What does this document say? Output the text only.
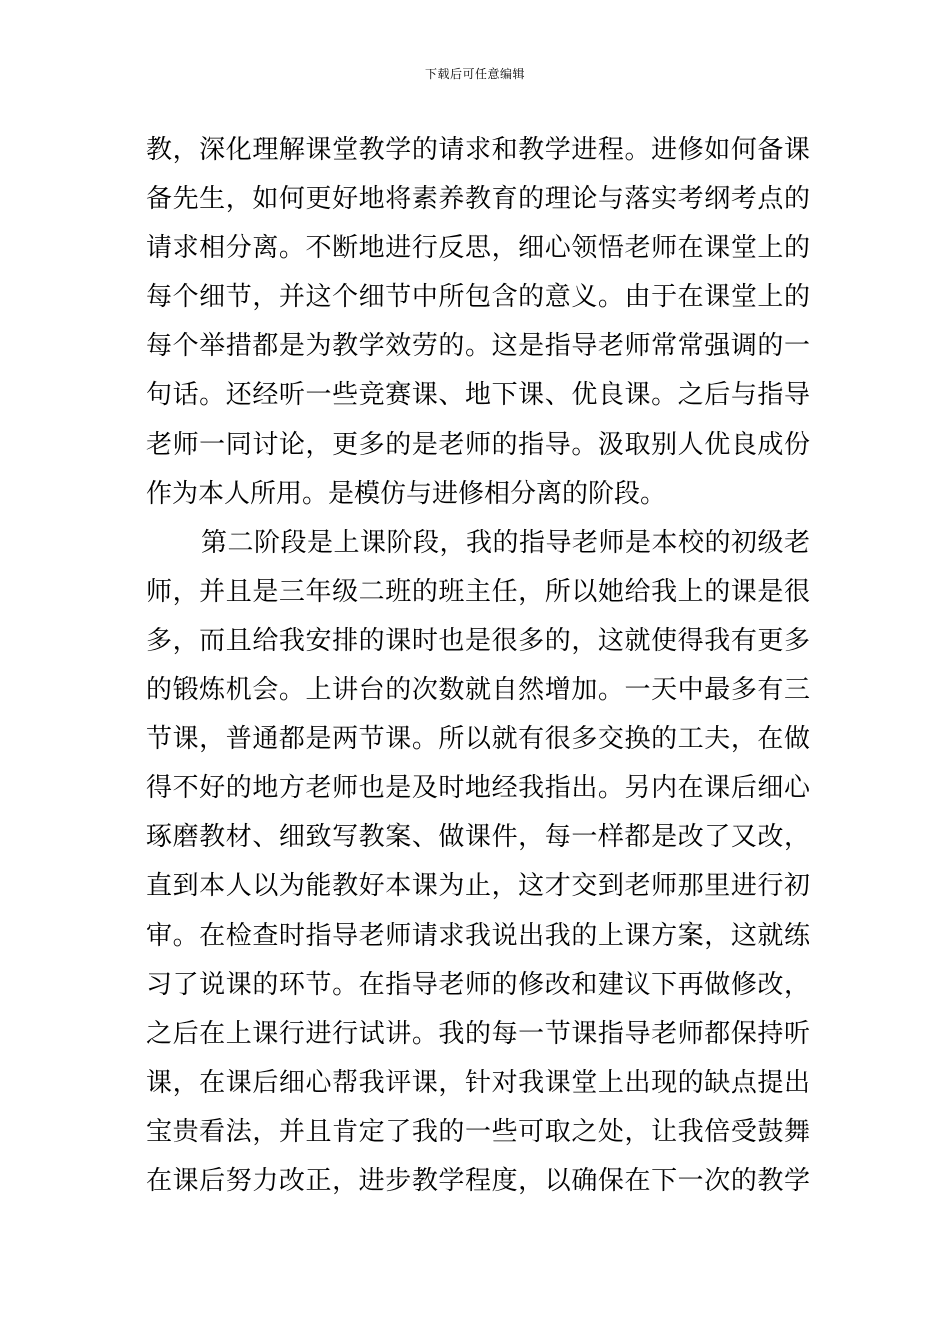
下载后可任意编辑
教，深化理解课堂教学的请求和教学进程。进修如何备课
备先生，如何更好地将素养教育的理论与落实考纲考点的
请求相分离。不断地进行反思，细心领悟老师在课堂上的
每个细节，并这个细节中所包含的意义。由于在课堂上的
每个举措都是为教学效劳的。这是指导老师常常强调的一
句话。还经听一些竞赛课、地下课、优良课。之后与指导
老师一同讨论，更多的是老师的指导。汲取别人优良成份
作为本人所用。是模仿与进修相分离的阶段。
第二阶段是上课阶段，我的指导老师是本校的初级老
师，并且是三年级二班的班主任，所以她给我上的课是很
多，而且给我安排的课时也是很多的，这就使得我有更多
的锻炼机会。上讲台的次数就自然增加。一天中最多有三
节课，普通都是两节课。所以就有很多交换的工夫，在做
得不好的地方老师也是及时地经我指出。另内在课后细心
琢磨教材、细致写教案、做课件，每一样都是改了又改，
直到本人以为能教好本课为止，这才交到老师那里进行初
审。在检查时指导老师请求我说出我的上课方案，这就练
习了说课的环节。在指导老师的修改和建议下再做修改，
之后在上课行进行试讲。我的每一节课指导老师都保持听
课，在课后细心帮我评课，针对我课堂上出现的缺点提出
宝贵看法，并且肯定了我的一些可取之处，让我倍受鼓舞
在课后努力改正，进步教学程度，以确保在下一次的教学
